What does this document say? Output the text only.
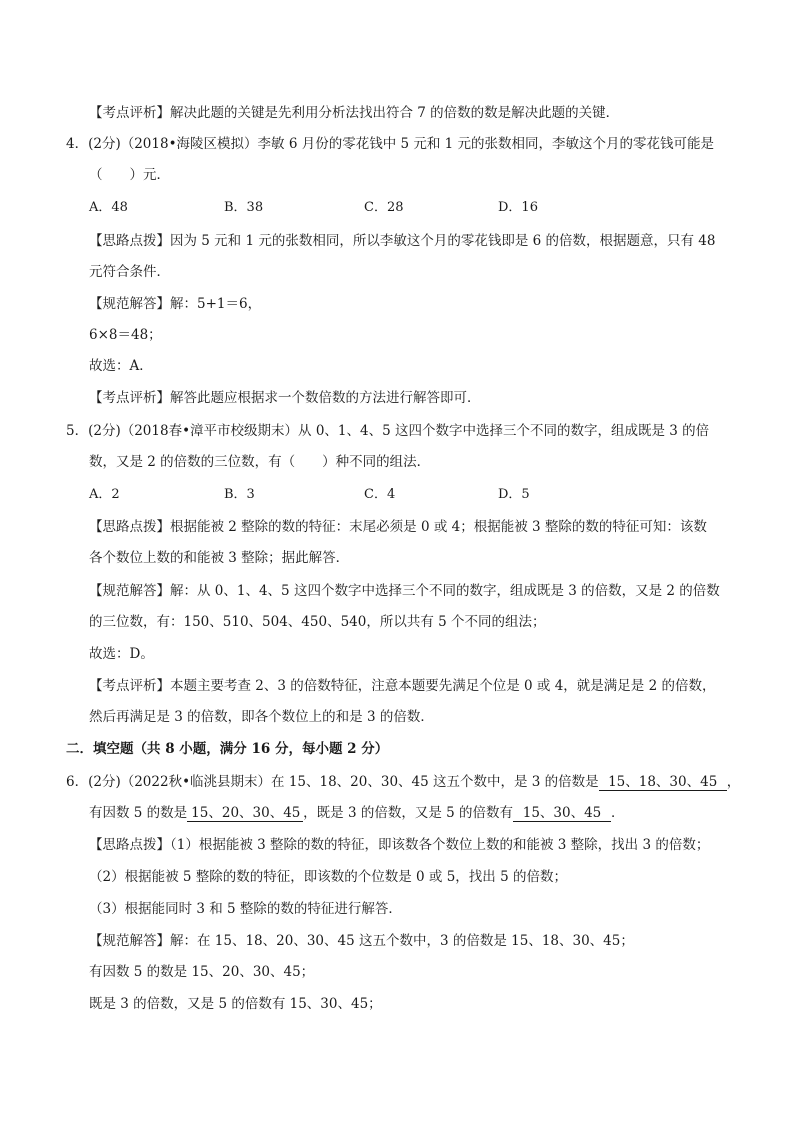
【考点评析】解决此题的关键是先利用分析法找出符合 7 的倍数的数是解决此题的关键．
4．(2分)（2018•海陵区模拟）李敏 6 月份的零花钱中 5 元和 1 元的张数相同，李敏这个月的零花钱可能是
（　　）元．
A．48	B．38	C．28	D．16
【思路点拨】因为 5 元和 1 元的张数相同，所以李敏这个月的零花钱即是 6 的倍数，根据题意，只有 48
元符合条件．
【规范解答】解：5+1＝6，
6×8＝48；
故选：A．
【考点评析】解答此题应根据求一个数倍数的方法进行解答即可．
5．(2分)（2018春•漳平市校级期末）从 0、1、4、5 这四个数字中选择三个不同的数字，组成既是 3 的倍
数，又是 2 的倍数的三位数，有（　　）种不同的组法．
A．2	B．3	C．4	D．5
【思路点拨】根据能被 2 整除的数的特征：末尾必须是 0 或 4；根据能被 3 整除的数的特征可知：该数
各个数位上数的和能被 3 整除；据此解答．
【规范解答】解：从 0、1、4、5 这四个数字中选择三个不同的数字，组成既是 3 的倍数，又是 2 的倍数
的三位数，有：150、510、504、450、540，所以共有 5 个不同的组法；
故选：D。
【考点评析】本题主要考查 2、3 的倍数特征，注意本题要先满足个位是 0 或 4，就是满足是 2 的倍数，
然后再满足是 3 的倍数，即各个数位上的和是 3 的倍数．
二．填空题（共 8 小题，满分 16 分，每小题 2 分）
6．(2分)（2022秋•临洮县期末）在 15、18、20、30、45 这五个数中，是 3 的倍数是 15、18、30、45 ，
有因数 5 的数是 15、20、30、45 ，既是 3 的倍数，又是 5 的倍数有 15、30、45 ．
【思路点拨】（1）根据能被 3 整除的数的特征，即该数各个数位上数的和能被 3 整除，找出 3 的倍数；
（2）根据能被 5 整除的数的特征，即该数的个位数是 0 或 5，找出 5 的倍数；
（3）根据能同时 3 和 5 整除的数的特征进行解答．
【规范解答】解：在 15、18、20、30、45 这五个数中，3 的倍数是 15、18、30、45；
有因数 5 的数是 15、20、30、45；
既是 3 的倍数，又是 5 的倍数有 15、30、45；
